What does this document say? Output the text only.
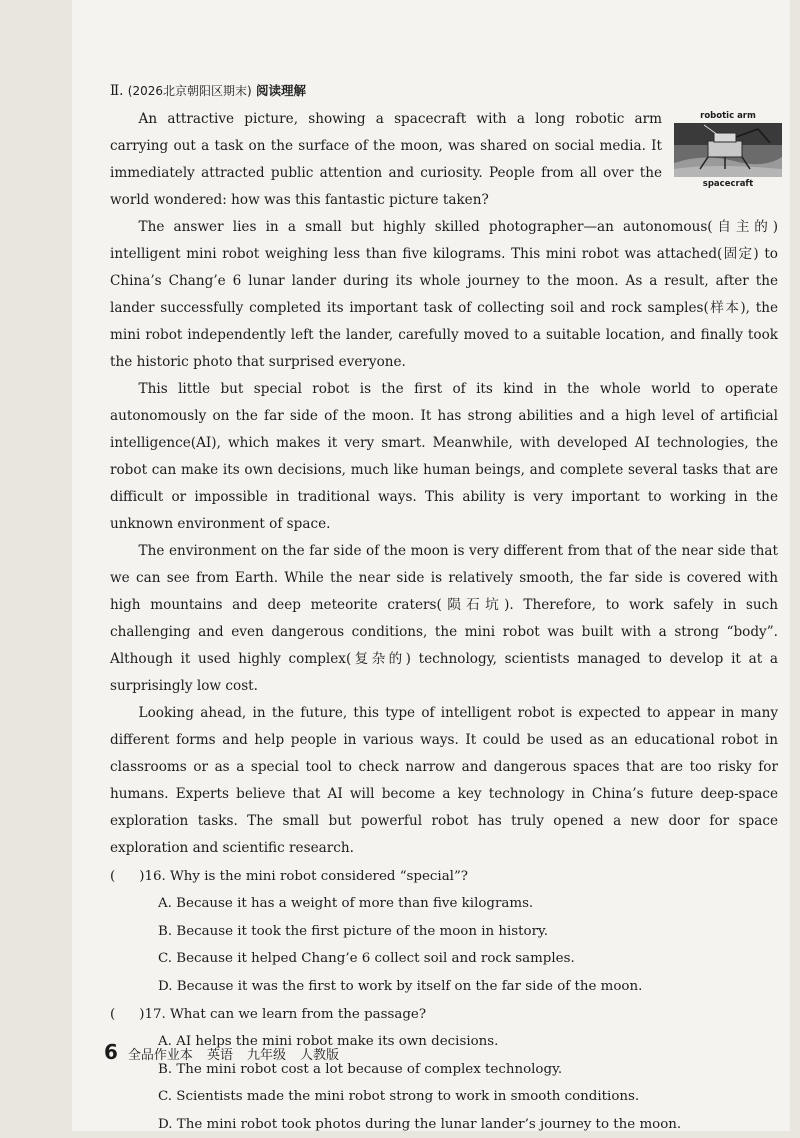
Ⅱ. (2026北京朝阳区期末) 阅读理解
robotic arm
spacecraft

An attractive picture, showing a spacecraft with a long robotic arm carrying out a task on the surface of the moon, was shared on social media. It immediately attracted public attention and curiosity. People from all over the world wondered: how was this fantastic picture taken?

The answer lies in a small but highly skilled photographer—an autonomous(自主的) intelligent mini robot weighing less than five kilograms. This mini robot was attached(固定) to China’s Chang’e 6 lunar lander during its whole journey to the moon. As a result, after the lander successfully completed its important task of collecting soil and rock samples(样本), the mini robot independently left the lander, carefully moved to a suitable location, and finally took the historic photo that surprised everyone.

This little but special robot is the first of its kind in the whole world to operate autonomously on the far side of the moon. It has strong abilities and a high level of artificial intelligence(AI), which makes it very smart. Meanwhile, with developed AI technologies, the robot can make its own decisions, much like human beings, and complete several tasks that are difficult or impossible in traditional ways. This ability is very important to working in the unknown environment of space.

The environment on the far side of the moon is very different from that of the near side that we can see from Earth. While the near side is relatively smooth, the far side is covered with high mountains and deep meteorite craters(陨石坑). Therefore, to work safely in such challenging and even dangerous conditions, the mini robot was built with a strong “body”. Although it used highly complex(复杂的) technology, scientists managed to develop it at a surprisingly low cost.

Looking ahead, in the future, this type of intelligent robot is expected to appear in many different forms and help people in various ways. It could be used as an educational robot in classrooms or as a special tool to check narrow and dangerous spaces that are too risky for humans. Experts believe that AI will become a key technology in China’s future deep-space exploration tasks. The small but powerful robot has truly opened a new door for space exploration and scientific research.

( )16. Why is the mini robot considered “special”?
A. Because it has a weight of more than five kilograms.
B. Because it took the first picture of the moon in history.
C. Because it helped Chang’e 6 collect soil and rock samples.
D. Because it was the first to work by itself on the far side of the moon.
( )17. What can we learn from the passage?
A. AI helps the mini robot make its own decisions.
B. The mini robot cost a lot because of complex technology.
C. Scientists made the mini robot strong to work in smooth conditions.
D. The mini robot took photos during the lunar lander’s journey to the moon.
6 全品作业本 英语 九年级 人教版
